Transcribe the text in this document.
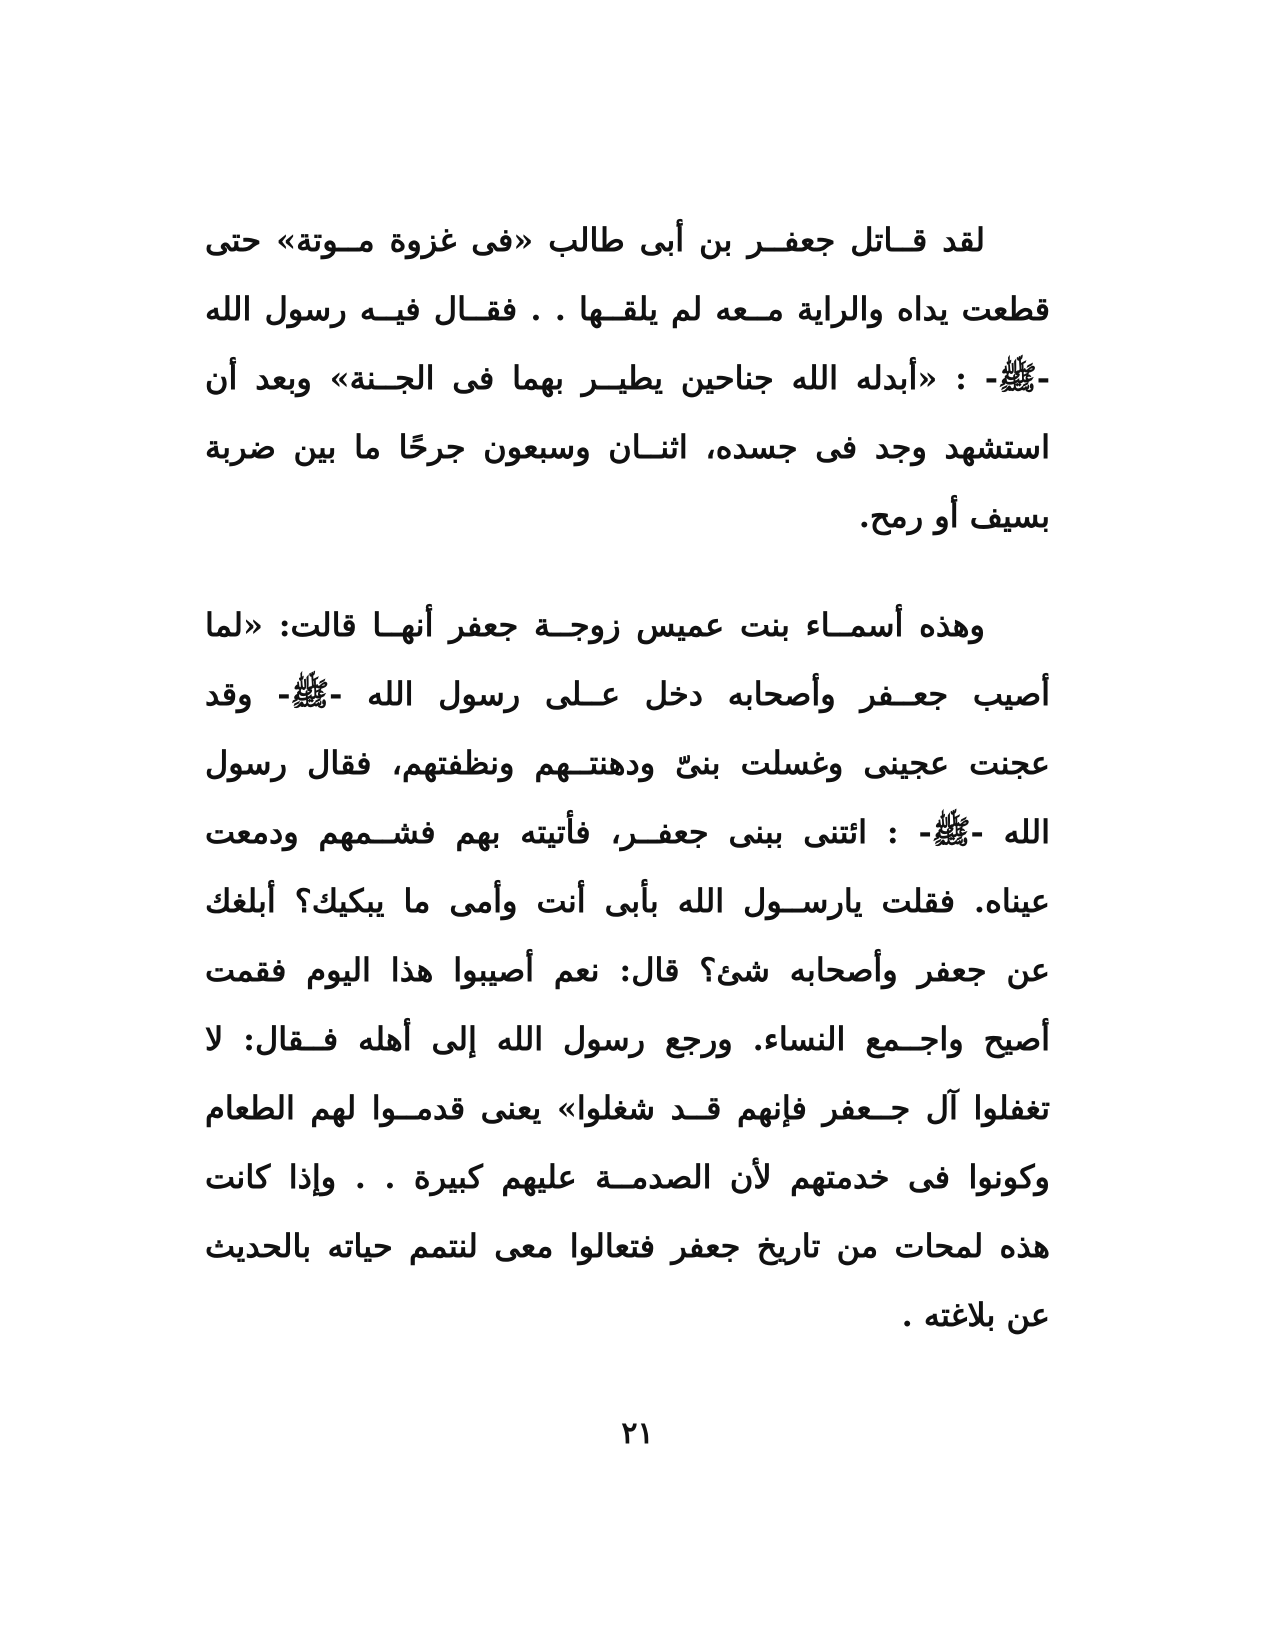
لقد قــاتل جعفــر بن أبى طالب «فى غزوة مــوتة» حتى
قطعت يداه والراية مــعه لم يلقــها . . فقــال فيــه رسول الله
-ﷺ- : «أبدله الله جناحين يطيــر بهما فى الجــنة» وبعد أن
استشهد وجد فى جسده، اثنــان وسبعون جرحًا ما بين ضربة
بسيف أو رمح.
وهذه أسمــاء بنت عميس زوجــة جعفر أنهــا قالت: «لما
أصيب جعــفر وأصحابه دخل عــلى رسول الله -ﷺ- وقد
عجنت عجينى وغسلت بنىّ ودهنتــهم ونظفتهم، فقال رسول
الله -ﷺ- : ائتنى ببنى جعفــر، فأتيته بهم فشــمهم ودمعت
عيناه. فقلت يارســول الله بأبى أنت وأمى ما يبكيك؟ أبلغك
عن جعفر وأصحابه شئ؟ قال: نعم أصيبوا هذا اليوم فقمت
أصيح واجــمع النساء. ورجع رسول الله إلى أهله فــقال: لا
تغفلوا آل جــعفر فإنهم قــد شغلوا» يعنى قدمــوا لهم الطعام
وكونوا فى خدمتهم لأن الصدمــة عليهم كبيرة . . وإذا كانت
هذه لمحات من تاريخ جعفر فتعالوا معى لنتمم حياته بالحديث
عن بلاغته .
٢١
